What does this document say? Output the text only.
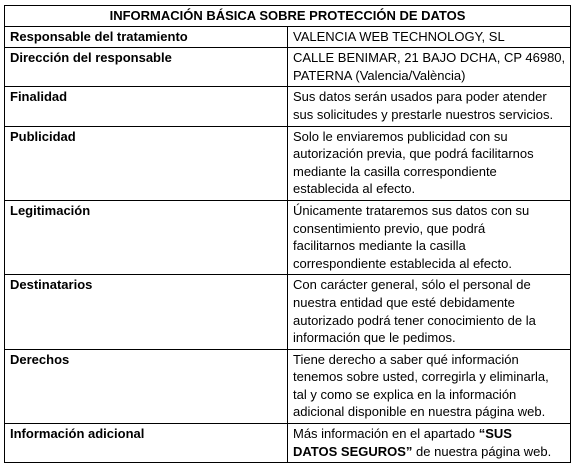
INFORMACIÓN BÁSICA SOBRE PROTECCIÓN DE DATOS	
Responsable del tratamiento	VALENCIA WEB TECHNOLOGY, SL

Dirección del responsable	CALLE BENIMAR, 21 BAJO DCHA, CP 46980,
PATERNA (Valencia/València)

Finalidad	Sus datos serán usados para poder atender
sus solicitudes y prestarle nuestros servicios.

Publicidad	Solo le enviaremos publicidad con su
autorización previa, que podrá facilitarnos
mediante la casilla correspondiente
establecida al efecto.

Legitimación	Únicamente trataremos sus datos con su
consentimiento previo, que podrá
facilitarnos mediante la casilla
correspondiente establecida al efecto.

Destinatarios	Con carácter general, sólo el personal de
nuestra entidad que esté debidamente
autorizado podrá tener conocimiento de la
información que le pedimos.

Derechos	Tiene derecho a saber qué información
tenemos sobre usted, corregirla y eliminarla,
tal y como se explica en la información
adicional disponible en nuestra página web.

Información adicional	Más información en el apartado “SUS
DATOS SEGUROS” de nuestra página web.
